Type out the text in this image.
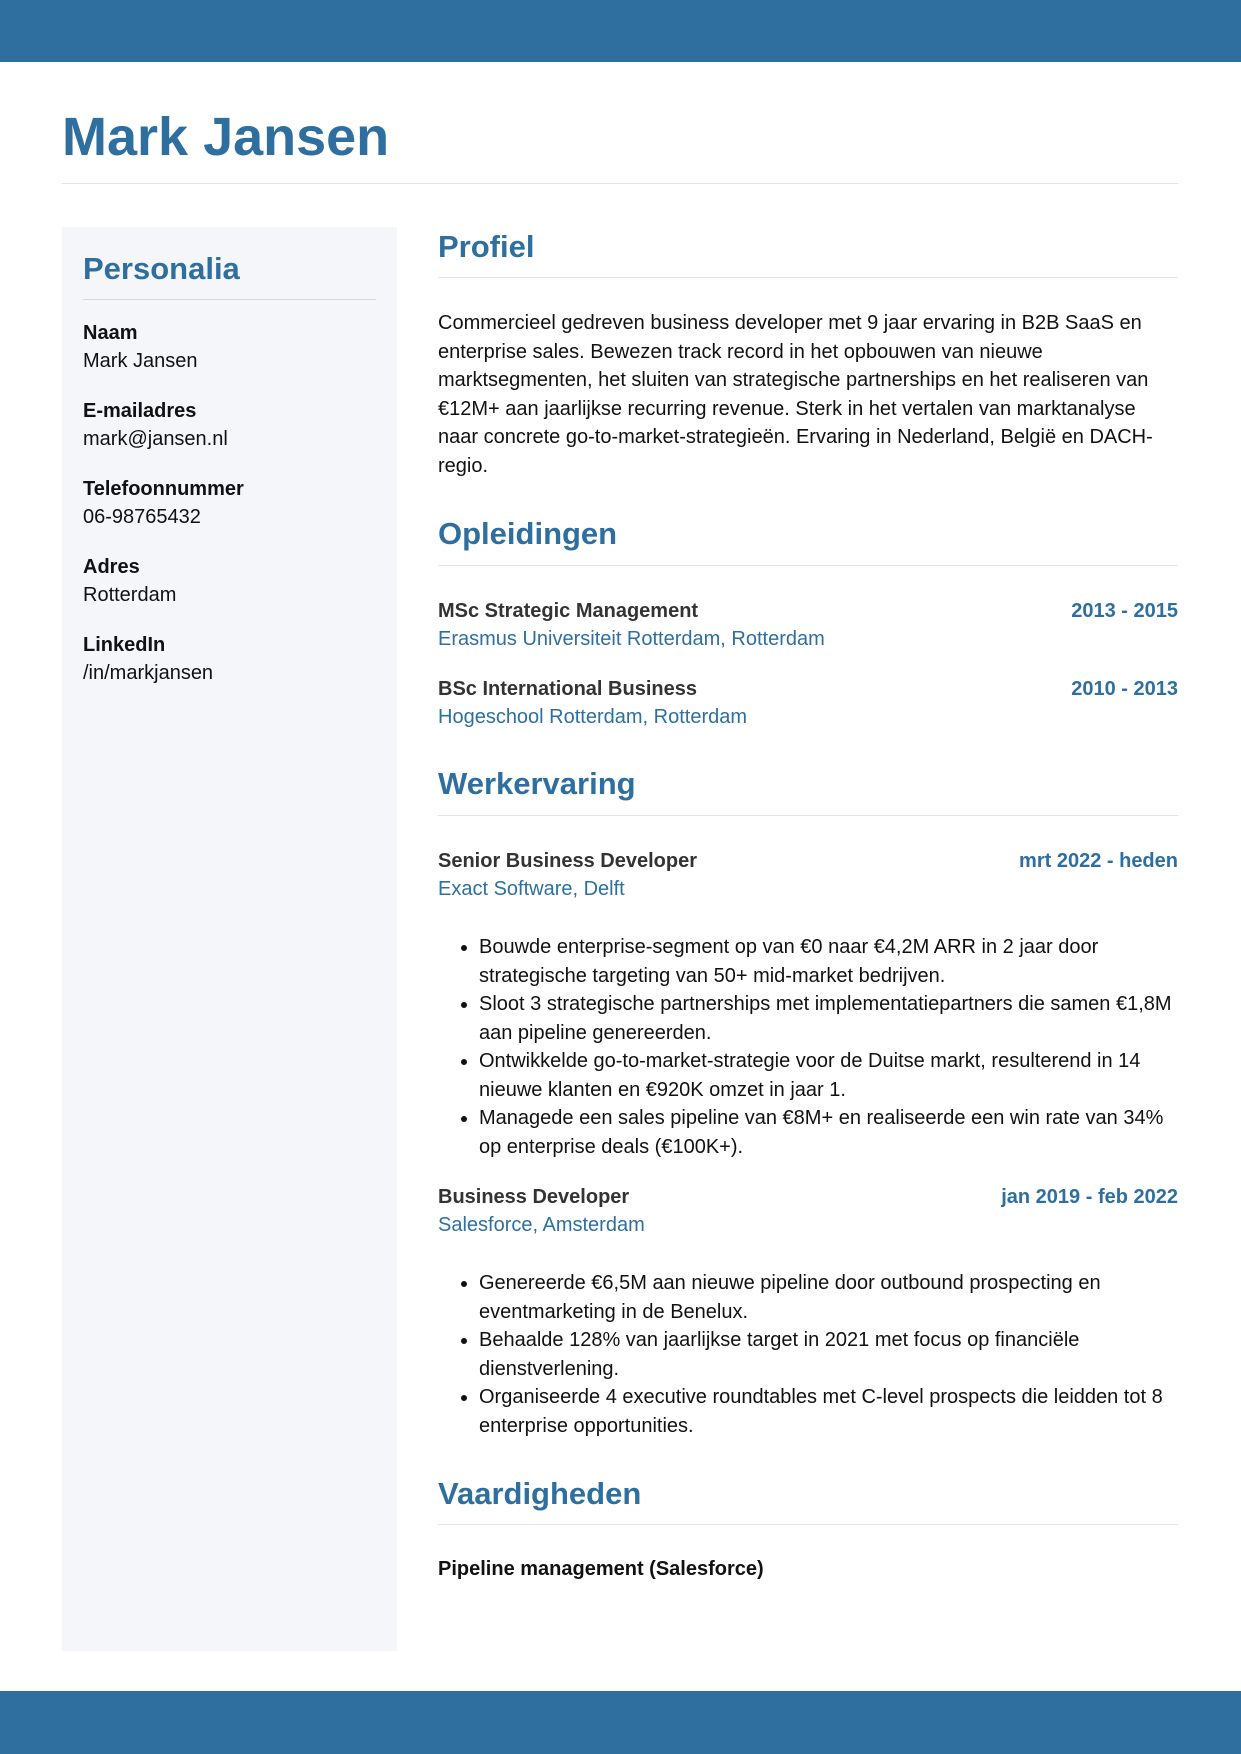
Mark Jansen
Personalia
Naam
Mark Jansen
E-mailadres
mark@jansen.nl
Telefoonnummer
06-98765432
Adres
Rotterdam
LinkedIn
/in/markjansen
Profiel

Commercieel gedreven business developer met 9 jaar ervaring in B2B SaaS en enterprise sales. Bewezen track record in het opbouwen van nieuwe marktsegmenten, het sluiten van strategische partnerships en het realiseren van €12M+ aan jaarlijkse recurring revenue. Sterk in het vertalen van marktanalyse naar concrete go-to-market-strategieën. Ervaring in Nederland, België en DACH-regio.

Opleidingen
MSc Strategic Management	2013 - 2015
Erasmus Universiteit Rotterdam, Rotterdam
BSc International Business	2010 - 2013
Hogeschool Rotterdam, Rotterdam
Werkervaring
Senior Business Developer	mrt 2022 - heden
Exact Software, Delft
• Bouwde enterprise-segment op van €0 naar €4,2M ARR in 2 jaar door strategische targeting van 50+ mid-market bedrijven.
• Sloot 3 strategische partnerships met implementatiepartners die samen €1,8M aan pipeline genereerden.
• Ontwikkelde go-to-market-strategie voor de Duitse markt, resulterend in 14 nieuwe klanten en €920K omzet in jaar 1.
• Managede een sales pipeline van €8M+ en realiseerde een win rate van 34% op enterprise deals (€100K+).
Business Developer	jan 2019 - feb 2022
Salesforce, Amsterdam
• Genereerde €6,5M aan nieuwe pipeline door outbound prospecting en eventmarketing in de Benelux.
• Behaalde 128% van jaarlijkse target in 2021 met focus op financiële dienstverlening.
• Organiseerde 4 executive roundtables met C-level prospects die leidden tot 8 enterprise opportunities.
Vaardigheden
Pipeline management (Salesforce)
